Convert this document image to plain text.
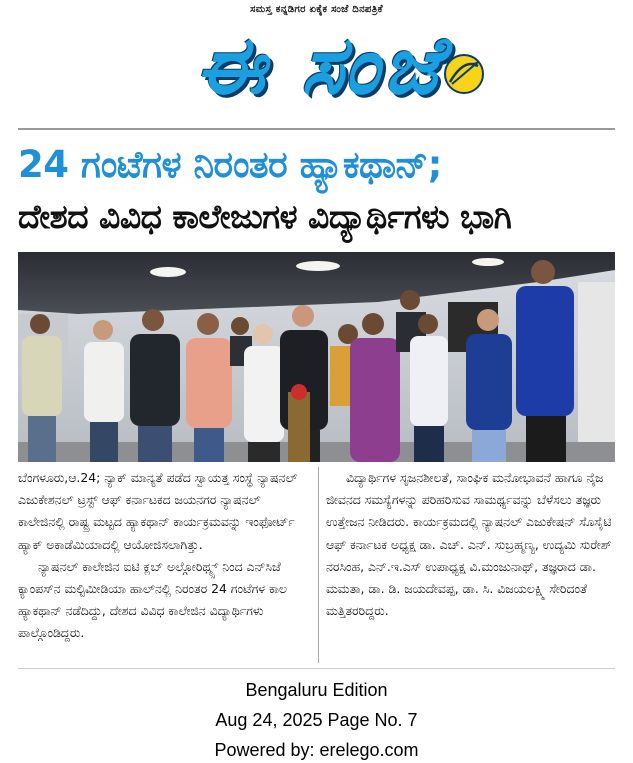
ಸಮಸ್ತ ಕನ್ನಡಿಗರ ಏಕೈಕ ಸಂಜೆ ದಿನಪತ್ರಿಕೆ
ಈ ಸಂಜೆ
24 ಗಂಟೆಗಳ ನಿರಂತರ ಹ್ಯಾಕಥಾನ್;
ದೇಶದ ವಿವಿಧ ಕಾಲೇಜುಗಳ ವಿದ್ಯಾರ್ಥಿಗಳು ಭಾಗಿ

ಬೆಂಗಳೂರು,ಆ.24; ನ್ಯಾಕ್ ಮಾನ್ಯತೆ ಪಡೆದ ಸ್ವಾಯತ್ತ ಸಂಸ್ಥೆ ನ್ಯಾಷನಲ್ ಎಜುಕೇಶನಲ್ ಟ್ರಸ್ಟ್ ಆಫ್ ಕರ್ನಾಟಕದ ಜಯನಗರ ನ್ಯಾಷನಲ್ ಕಾಲೇಜಿನಲ್ಲಿ ರಾಷ್ಟ್ರ ಮಟ್ಟದ ಹ್ಯಾಕಥಾನ್ ಕಾರ್ಯಕ್ರಮವನ್ನು ಇಂಫೋರ್ಟ್ ಹ್ಯಾಕ್ ಅಕಾಡೆಮಿಯಾದಲ್ಲಿ ಆಯೋಜಿಸಲಾಗಿತ್ತು.

ನ್ಯಾಷನಲ್ ಕಾಲೇಜಿನ ಐಟಿ ಕ್ಲಬ್ ಅಲ್ಗೋರಿಥ್ಮ್ಸ್ ನಿಂದ ಎನ್‌ಸಿಜೆ ಕ್ಯಾಂಪಸ್‌ನ ಮಲ್ಟಿಮೀಡಿಯಾ ಹಾಲ್‌ನಲ್ಲಿ ನಿರಂತರ 24 ಗಂಟೆಗಳ ಕಾಲ ಹ್ಯಾಕಥಾನ್ ನಡೆದಿದ್ದು, ದೇಶದ ವಿವಿಧ ಕಾಲೇಜಿನ ವಿದ್ಯಾರ್ಥಿಗಳು ಪಾಲ್ಗೊಂಡಿದ್ದರು.

ವಿದ್ಯಾರ್ಥಿಗಳ ಸೃಜನಶೀಲತೆ, ಸಾಂಘಿಕ ಮನೋಭಾವನೆ ಹಾಗೂ ನೈಜ ಜೀವನದ ಸಮಸ್ಯೆಗಳನ್ನು ಪರಿಹರಿಸುವ ಸಾಮರ್ಥ್ಯವನ್ನು ಬೆಳೆಸಲು ತಜ್ಞರು ಉತ್ತೇಜನ ನೀಡಿದರು. ಕಾರ್ಯಕ್ರಮದಲ್ಲಿ ನ್ಯಾಷನಲ್ ಎಜುಕೇಷನ್ ಸೊಸೈಟಿ ಆಫ್ ಕರ್ನಾಟಕ ಅಧ್ಯಕ್ಷ ಡಾ. ಎಚ್. ಎನ್. ಸುಬ್ರಹ್ಮಣ್ಯ, ಉದ್ಯಮಿ ಸುರೇಶ್ ನರಸಿಂಹ, ಎನ್.ಇ.ಎಸ್ ಉಪಾಧ್ಯಕ್ಷ ವಿ.ಮಂಜುನಾಥ್, ತಜ್ಞರಾದ ಡಾ. ಮಮತಾ, ಡಾ. ಡಿ. ಜಯದೇವಪ್ಪ, ಡಾ. ಸಿ. ವಿಜಯಲಕ್ಷ್ಮಿ ಸೇರಿದಂತೆ ಮತ್ತಿತರರಿದ್ದರು.

Bengaluru Edition
Aug 24, 2025 Page No. 7
Powered by: erelego.com
